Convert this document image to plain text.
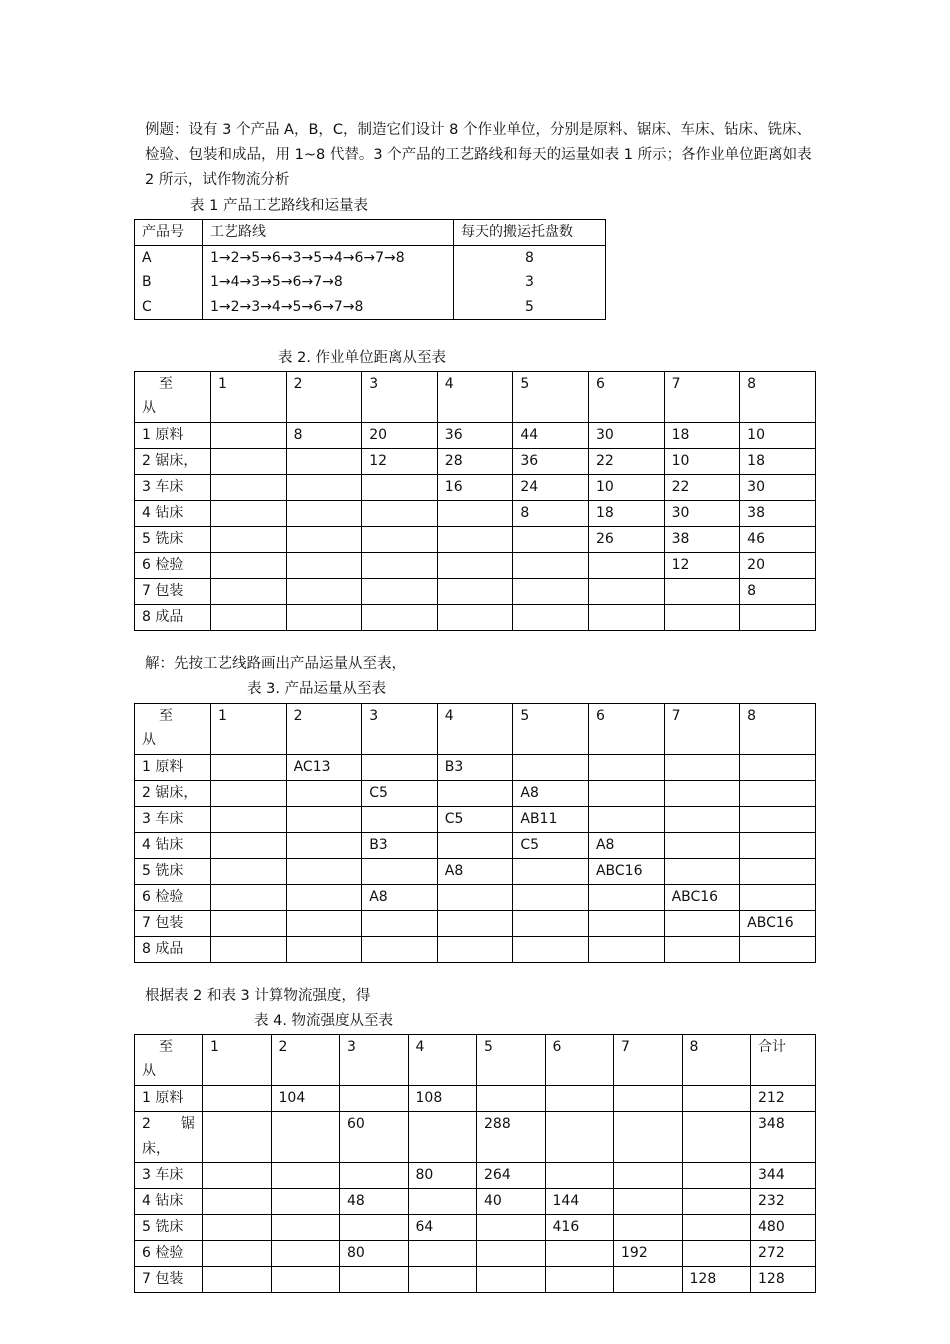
例题：设有 3 个产品 A，B，C，制造它们设计 8 个作业单位，分别是原料、锯床、车床、钻床、铣床、检验、包装和成品，用 1~8 代替。3 个产品的工艺路线和每天的运量如表 1 所示；各作业单位距离如表 2 所示，试作物流分析

表 1 产品工艺路线和运量表

产品号	工艺路线	每天的搬运托盘数
A	1→2→5→6→3→5→4→6→7→8	8
B	1→4→3→5→6→7→8	3
C	1→2→3→4→5→6→7→8	5

表 2. 作业单位距离从至表

至
从	1	2	3	4	5	6	7	8
1 原料		8	20	36	44	30	18	10
2 锯床，			12	28	36	22	10	18
3 车床				16	24	10	22	30
4 钻床					8	18	30	38
5 铣床						26	38	46
6 检验							12	20
7 包装								8
8 成品								

解：先按工艺线路画出产品运量从至表，

表 3. 产品运量从至表

至
从	1	2	3	4	5	6	7	8
1 原料		AC13		B3				
2 锯床，			C5		A8			
3 车床				C5	AB11			
4 钻床			B3		C5	A8		
5 铣床				A8		ABC16		
6 检验			A8				ABC16	
7 包装								ABC16
8 成品								

根据表 2 和表 3 计算物流强度，得

表 4. 物流强度从至表

至
从	1	2	3	4	5	6	7	8	合计
1 原料		104		108					212

2 锯
床，			60		288				348
3 车床				80	264				344
4 钻床			48		40	144			232
5 铣床				64		416			480
6 检验			80				192		272
7 包装								128	128
